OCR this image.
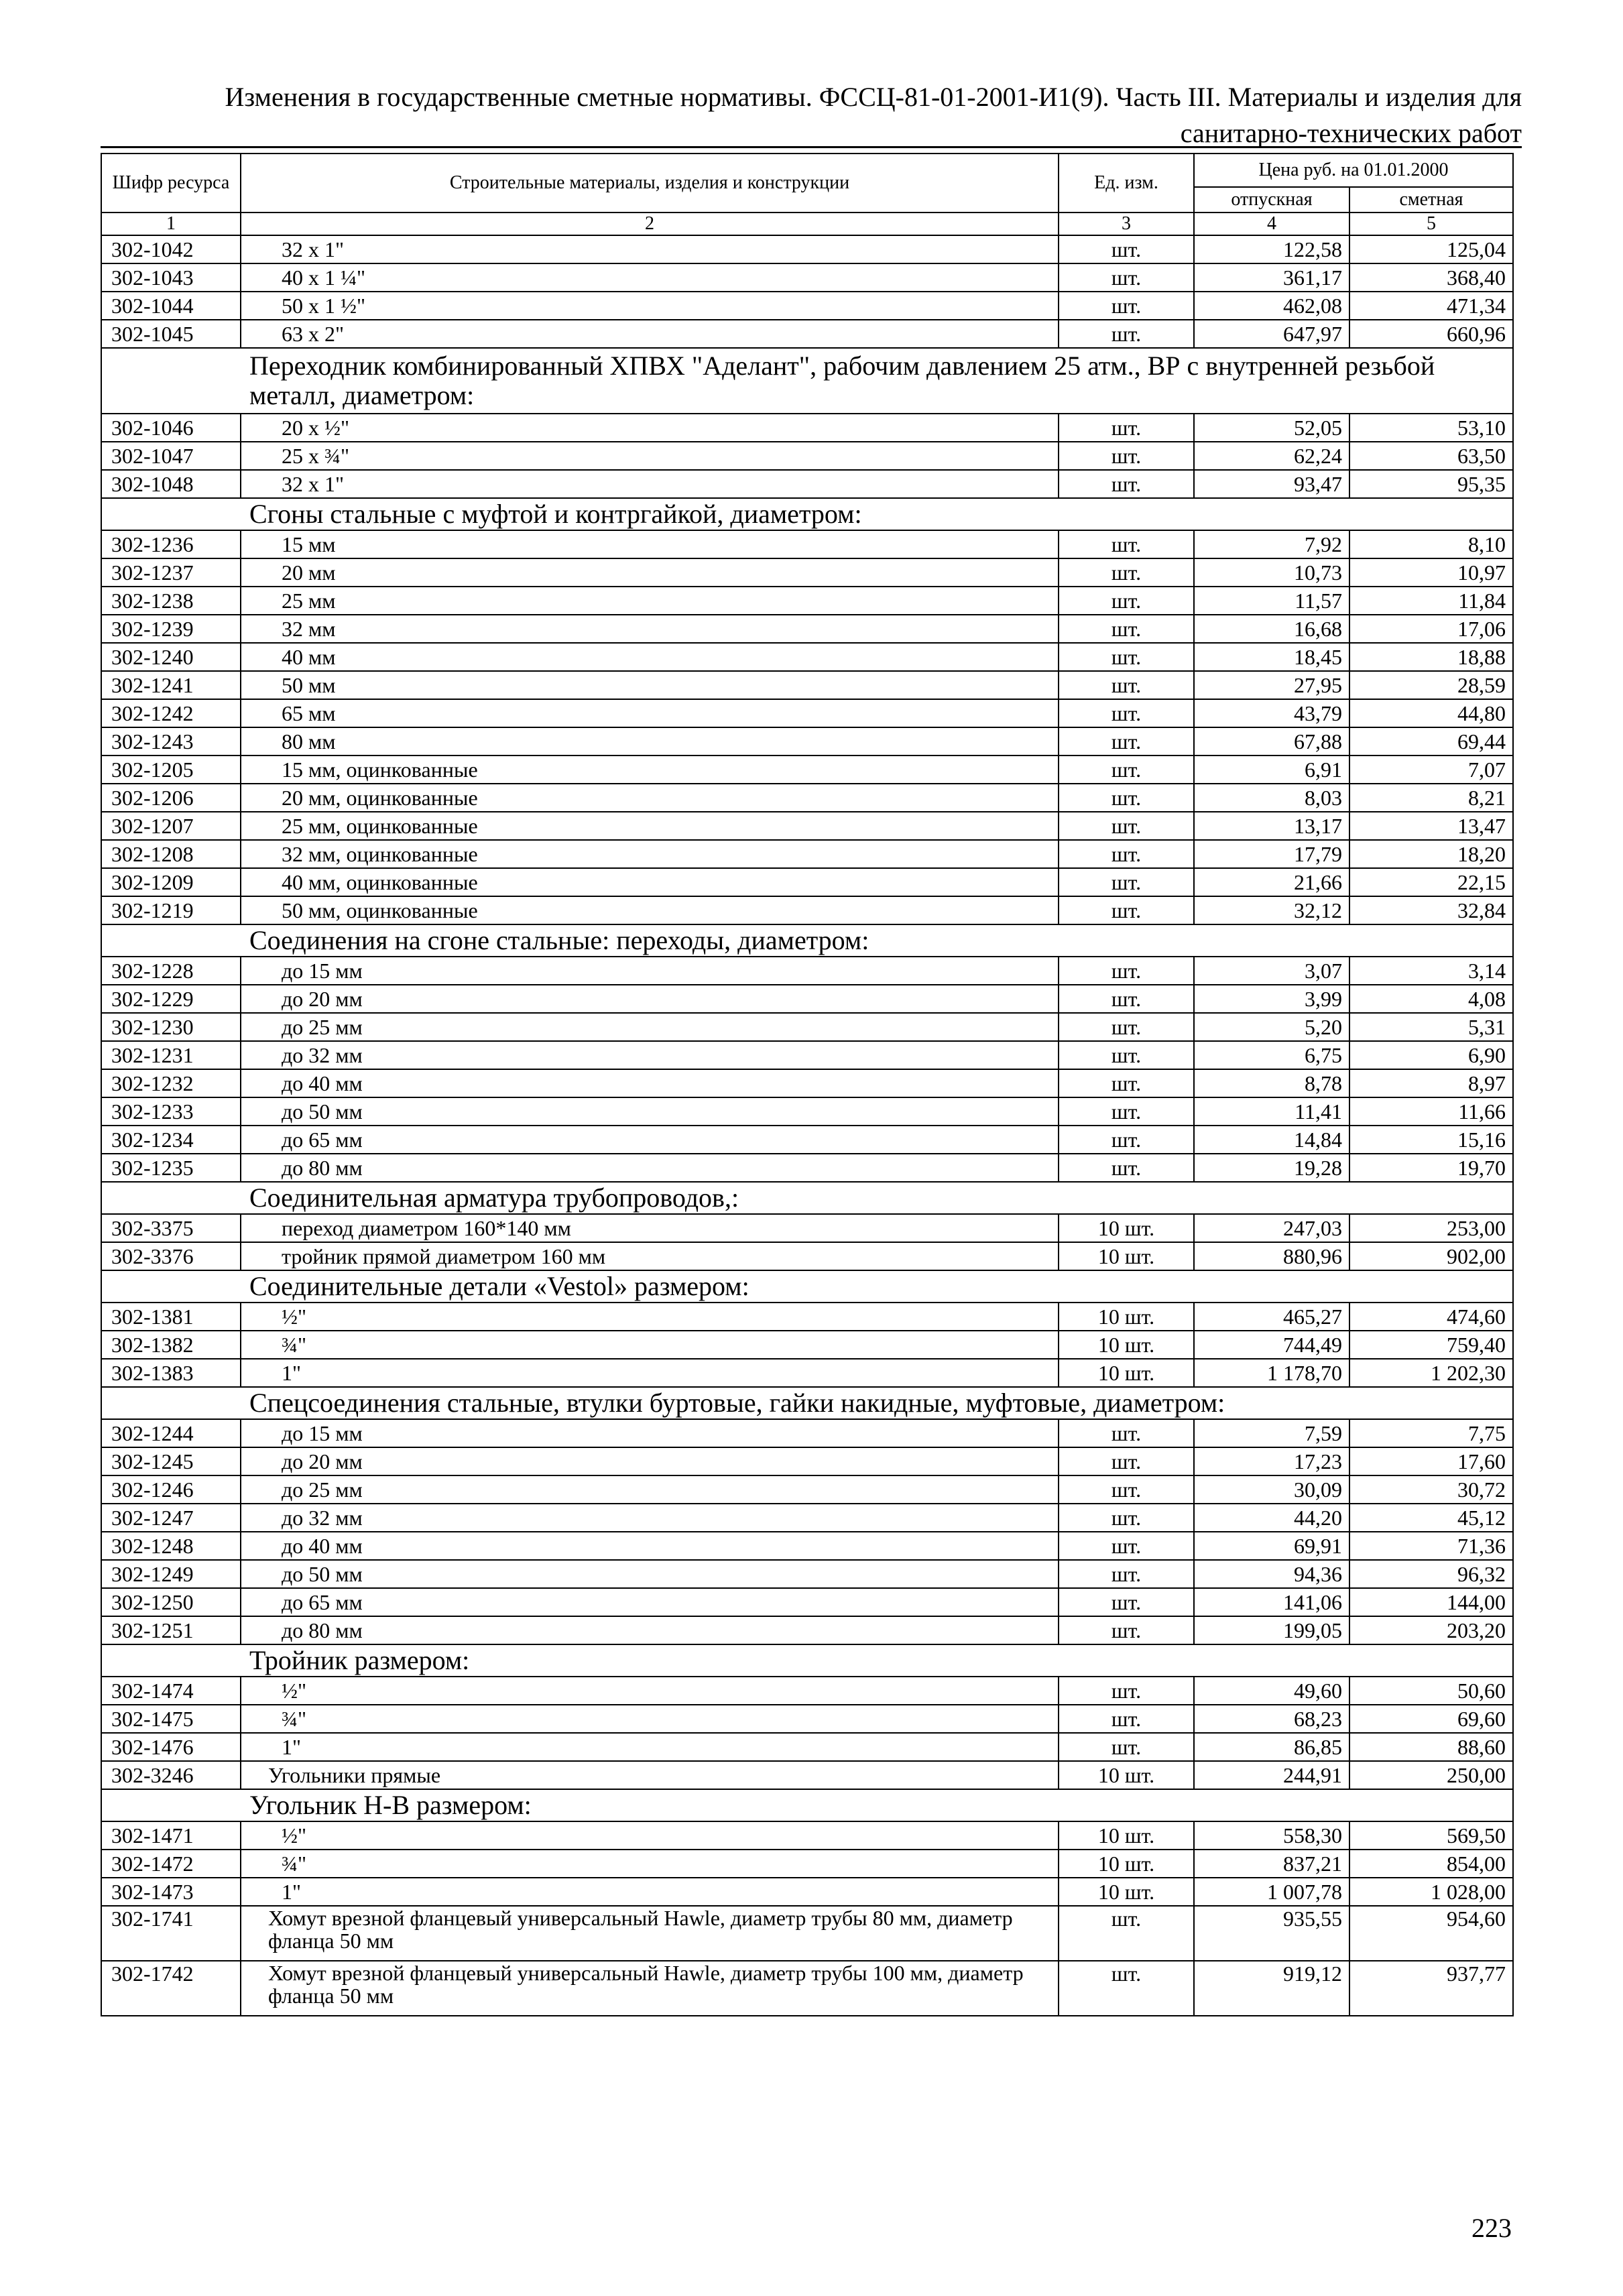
Изменения в государственные сметные нормативы. ФССЦ-81-01-2001-И1(9). Часть III. Материалы и изделия для
санитарно-технических работ
Шифр ресурса	Строительные материалы, изделия и конструкции	Ед. изм.	Цена руб. на 01.01.2000	
			отпускная	сметная
1	2	3	4	5
302-1042	32 x 1"	шт.	122,58	125,04
302-1043	40 x 1 ¼"	шт.	361,17	368,40
302-1044	50 x 1 ½"	шт.	462,08	471,34
302-1045	63 x 2"	шт.	647,97	660,96
Переходник комбинированный ХПВХ "Аделант", рабочим давлением 25 атм., ВР с внутренней резьбой металл, диаметром:				
302-1046	20 x ½"	шт.	52,05	53,10
302-1047	25 x ¾"	шт.	62,24	63,50
302-1048	32 x 1"	шт.	93,47	95,35
Сгоны стальные с муфтой и контргайкой, диаметром:				
302-1236	15 мм	шт.	7,92	8,10
302-1237	20 мм	шт.	10,73	10,97
302-1238	25 мм	шт.	11,57	11,84
302-1239	32 мм	шт.	16,68	17,06
302-1240	40 мм	шт.	18,45	18,88
302-1241	50 мм	шт.	27,95	28,59
302-1242	65 мм	шт.	43,79	44,80
302-1243	80 мм	шт.	67,88	69,44
302-1205	15 мм, оцинкованные	шт.	6,91	7,07
302-1206	20 мм, оцинкованные	шт.	8,03	8,21
302-1207	25 мм, оцинкованные	шт.	13,17	13,47
302-1208	32 мм, оцинкованные	шт.	17,79	18,20
302-1209	40 мм, оцинкованные	шт.	21,66	22,15
302-1219	50 мм, оцинкованные	шт.	32,12	32,84
Соединения на сгоне стальные: переходы, диаметром:				
302-1228	до 15 мм	шт.	3,07	3,14
302-1229	до 20 мм	шт.	3,99	4,08
302-1230	до 25 мм	шт.	5,20	5,31
302-1231	до 32 мм	шт.	6,75	6,90
302-1232	до 40 мм	шт.	8,78	8,97
302-1233	до 50 мм	шт.	11,41	11,66
302-1234	до 65 мм	шт.	14,84	15,16
302-1235	до 80 мм	шт.	19,28	19,70
Соединительная арматура трубопроводов,:				
302-3375	переход диаметром 160*140 мм	10 шт.	247,03	253,00
302-3376	тройник прямой диаметром 160 мм	10 шт.	880,96	902,00
Соединительные детали «Vestol» размером:				
302-1381	½"	10 шт.	465,27	474,60
302-1382	¾"	10 шт.	744,49	759,40
302-1383	1"	10 шт.	1 178,70	1 202,30
Спецсоединения стальные, втулки буртовые, гайки накидные, муфтовые, диаметром:				
302-1244	до 15 мм	шт.	7,59	7,75
302-1245	до 20 мм	шт.	17,23	17,60
302-1246	до 25 мм	шт.	30,09	30,72
302-1247	до 32 мм	шт.	44,20	45,12
302-1248	до 40 мм	шт.	69,91	71,36
302-1249	до 50 мм	шт.	94,36	96,32
302-1250	до 65 мм	шт.	141,06	144,00
302-1251	до 80 мм	шт.	199,05	203,20
Тройник размером:				
302-1474	½"	шт.	49,60	50,60
302-1475	¾"	шт.	68,23	69,60
302-1476	1"	шт.	86,85	88,60
302-3246	Угольники прямые	10 шт.	244,91	250,00
Угольник Н-В размером:				
302-1471	½"	10 шт.	558,30	569,50
302-1472	¾"	10 шт.	837,21	854,00
302-1473	1"	10 шт.	1 007,78	1 028,00
302-1741	Хомут врезной фланцевый универсальный Hawle, диаметр трубы 80 мм, диаметр фланца 50 мм	шт.	935,55	954,60
302-1742	Хомут врезной фланцевый универсальный Hawle, диаметр трубы 100 мм, диаметр фланца 50 мм	шт.	919,12	937,77
223
